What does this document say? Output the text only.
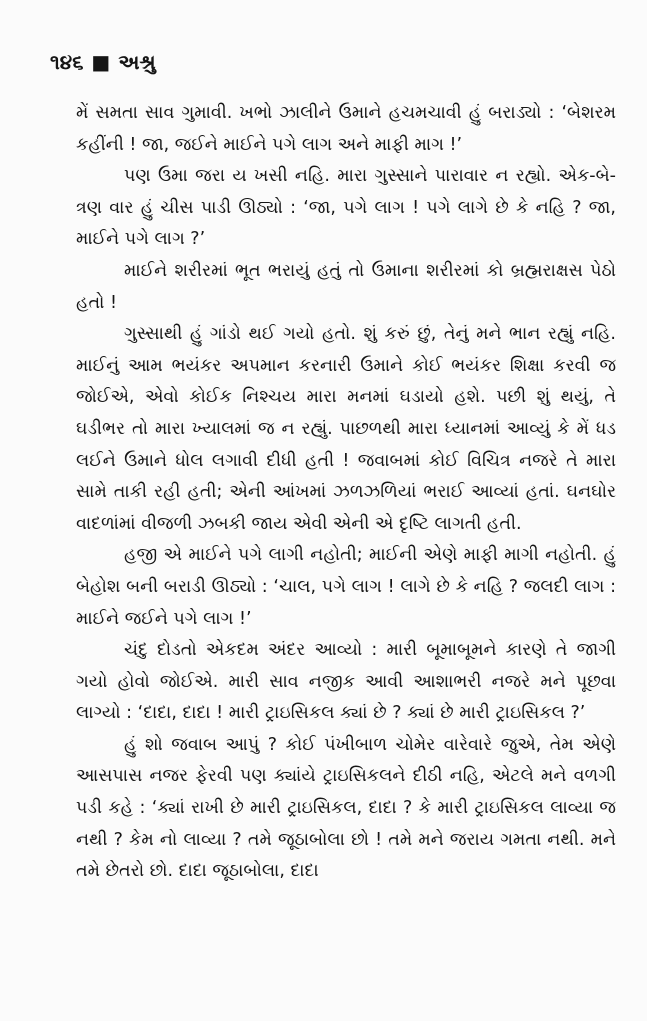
૧૪૬ ■ અશ્રુ

મેં સમતા સાવ ગુમાવી. ખભો ઝાલીને ઉમાને હચમચાવી હું બરાડ્યો : ‘બેશરમ કહીંની ! જા, જઈને માઈને પગે લાગ અને માફી માગ !’

પણ ઉમા જરા ય ખસી નહિ. મારા ગુસ્સાને પારાવાર ન રહ્યો. એક-બે-ત્રણ વાર હું ચીસ પાડી ઊઠ્યો : ‘જા, પગે લાગ ! પગે લાગે છે કે નહિ ? જા, માઈને પગે લાગ ?’

માઈને શરીરમાં ભૂત ભરાયું હતું તો ઉમાના શરીરમાં કો બ્રહ્મરાક્ષસ પેઠો હતો !

ગુસ્સાથી હું ગાંડો થઈ ગયો હતો. શું કરું છું, તેનું મને ભાન રહ્યું નહિ. માઈનું આમ ભયંકર અપમાન કરનારી ઉમાને કોઈ ભયંકર શિક્ષા કરવી જ જોઈએ, એવો કોઈક નિશ્ચય મારા મનમાં ઘડાયો હશે. પછી શું થયું, તે ઘડીભર તો મારા ખ્યાલમાં જ ન રહ્યું. પાછળથી મારા ધ્યાનમાં આવ્યું કે મેં ધડ લઈને ઉમાને ધોલ લગાવી દીધી હતી ! જવાબમાં કોઈ વિચિત્ર નજરે તે મારા સામે તાકી રહી હતી; એની આંખમાં ઝળઝળિયાં ભરાઈ આવ્યાં હતાં. ઘનઘોર વાદળાંમાં વીજળી ઝબકી જાય એવી એની એ દૃષ્ટિ લાગતી હતી.

હજી એ માઈને પગે લાગી નહોતી; માઈની એણે માફી માગી નહોતી. હું બેહોશ બની બરાડી ઊઠ્યો : ‘ચાલ, પગે લાગ ! લાગે છે કે નહિ ? જલદી લાગ : માઈને જઈને પગે લાગ !’

ચંદુ દોડતો એકદમ અંદર આવ્યો : મારી બૂમાબૂમને કારણે તે જાગી ગયો હોવો જોઈએ. મારી સાવ નજીક આવી આશાભરી નજરે મને પૂછવા લાગ્યો : ‘દાદા, દાદા ! મારી ટ્રાઇસિકલ ક્યાં છે ? ક્યાં છે મારી ટ્રાઇસિકલ ?’

હું શો જવાબ આપું ? કોઈ પંખીબાળ ચોમેર વારેવારે જુએ, તેમ એણે આસપાસ નજર ફેરવી પણ ક્યાંયે ટ્રાઇસિકલને દીઠી નહિ, એટલે મને વળગી પડી કહે : ‘ક્યાં રાખી છે મારી ટ્રાઇસિકલ, દાદા ? કે મારી ટ્રાઇસિકલ લાવ્યા જ નથી ? કેમ નો લાવ્યા ? તમે જૂઠાબોલા છો ! તમે મને જરાય ગમતા નથી. મને તમે છેતરો છો. દાદા જૂઠાબોલા, દાદા
